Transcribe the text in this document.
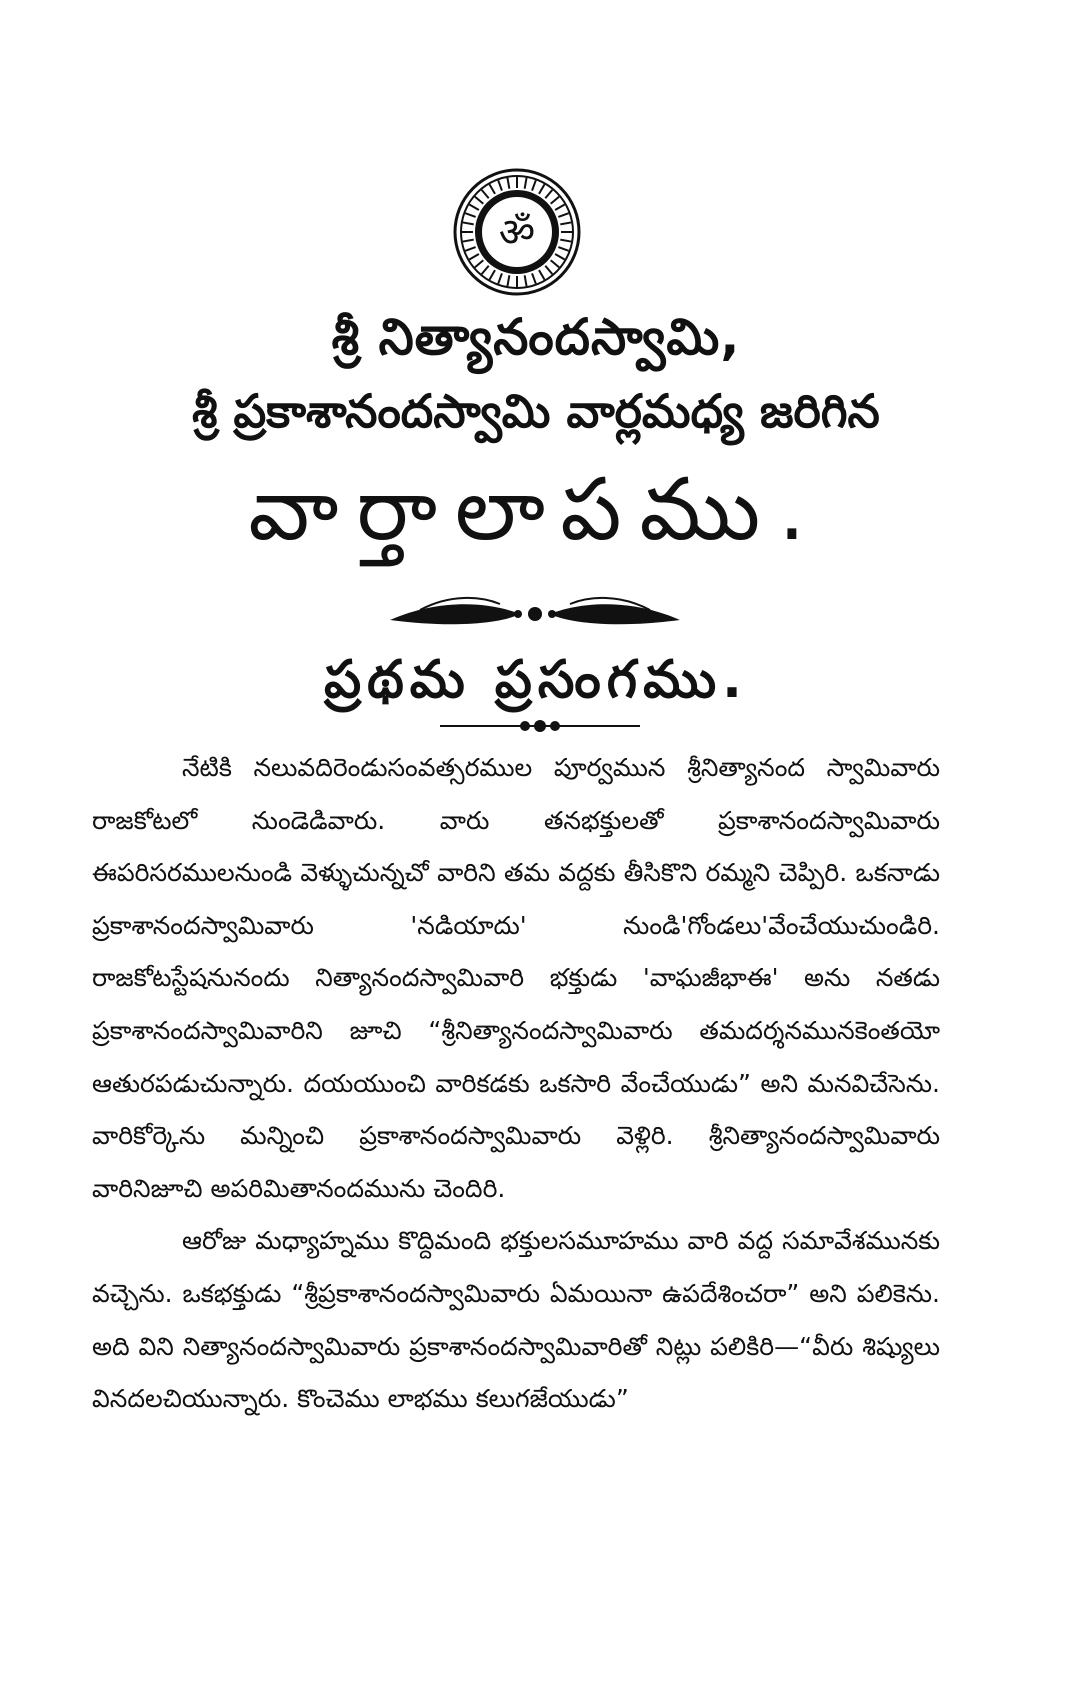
ॐ
శ్రీ నిత్యానందస్వామి,
శ్రీ ప్రకాశానందస్వామి వార్లమధ్య జరిగిన
వార్తాలాపము.
ప్రథమ ప్రసంగము.

నేటికి నలువదిరెండుసంవత్సరముల పూర్వమున శ్రీనిత్యానంద స్వామివారు రాజకోటలో నుండెడివారు. వారు తనభక్తులతో ప్రకాశానందస్వామివారు ఈపరిసరములనుండి వెళ్ళుచున్నచో వారిని తమ వద్దకు తీసికొని రమ్మని చెప్పిరి. ఒకనాడు ప్రకాశానందస్వామివారు 'నడియాదు' నుండి'గోండలు'వేంచేయుచుండిరి. రాజకోటస్టేషనునందు నిత్యానందస్వామివారి భక్తుడు 'వాఘజీభాఈ' అను నతడు ప్రకాశానందస్వామివారిని జూచి “శ్రీనిత్యానందస్వామివారు తమదర్శనమునకెంతయో ఆతురపడుచున్నారు. దయయుంచి వారికడకు ఒకసారి వేంచేయుడు” అని మనవిచేసెను. వారికోర్కెను మన్నించి ప్రకాశానందస్వామివారు వెళ్లిరి. శ్రీనిత్యానందస్వామివారు వారినిజూచి అపరిమితానందమును చెందిరి.

ఆరోజు మధ్యాహ్నము కొద్దిమంది భక్తులసమూహము వారి వద్ద సమావేశమునకు వచ్చెను. ఒకభక్తుడు “శ్రీప్రకాశానందస్వామివారు ఏమయినా ఉపదేశించరా” అని పలికెను. అది విని నిత్యానందస్వామివారు ప్రకాశానందస్వామివారితో నిట్లు పలికిరి—“వీరు శిష్యులు వినదలచియున్నారు. కొంచెము లాభము కలుగజేయుడు”
